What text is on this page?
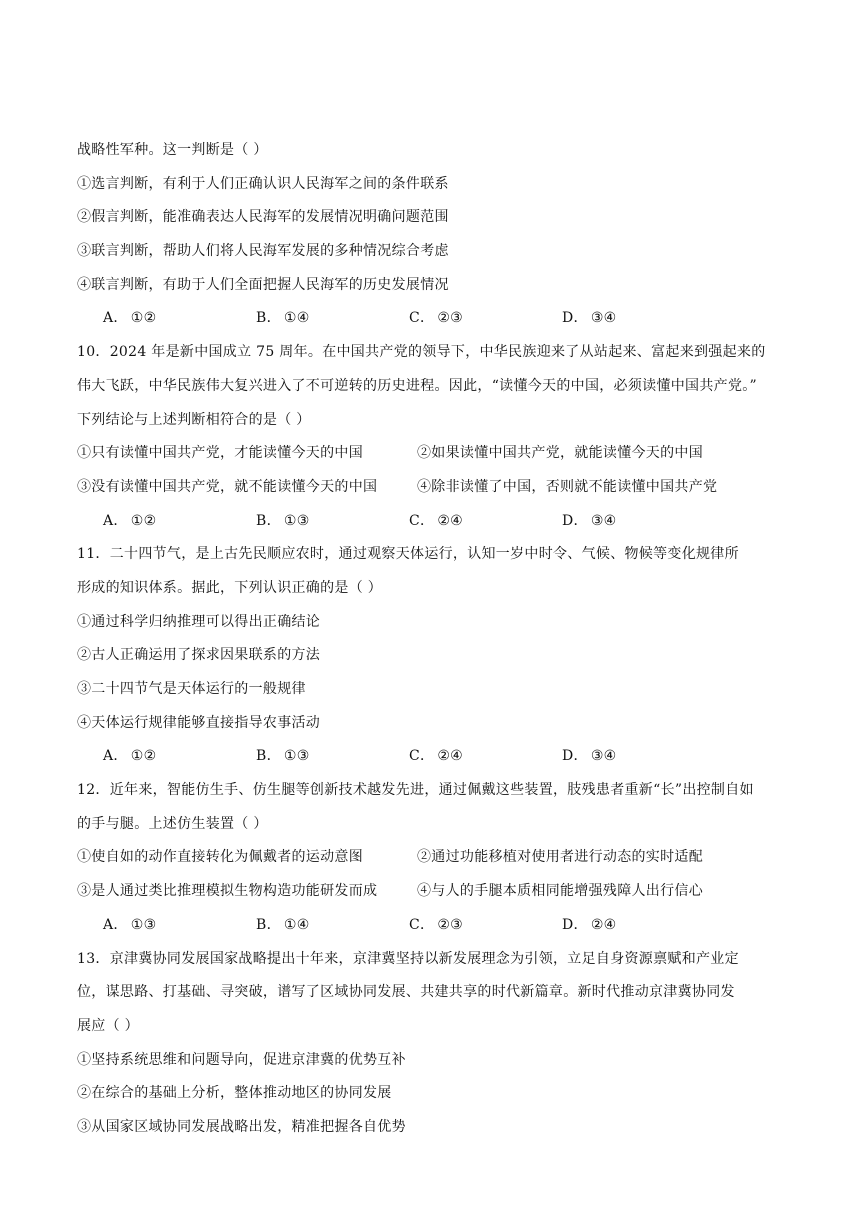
战略性军种。这一判断是（ ）
①选言判断，有利于人们正确认识人民海军之间的条件联系
②假言判断，能准确表达人民海军的发展情况明确问题范围
③联言判断，帮助人们将人民海军发展的多种情况综合考虑
④联言判断，有助于人们全面把握人民海军的历史发展情况
A． ①②	B． ①④	C． ②③	D． ③④
10．2024 年是新中国成立 75 周年。在中国共产党的领导下，中华民族迎来了从站起来、富起来到强起来的
伟大飞跃，中华民族伟大复兴进入了不可逆转的历史进程。因此，“读懂今天的中国，必须读懂中国共产党。”
下列结论与上述判断相符合的是（ ）
①只有读懂中国共产党，才能读懂今天的中国	②如果读懂中国共产党，就能读懂今天的中国
③没有读懂中国共产党，就不能读懂今天的中国	④除非读懂了中国，否则就不能读懂中国共产党
A． ①②	B． ①③	C． ②④	D． ③④
11．二十四节气，是上古先民顺应农时，通过观察天体运行，认知一岁中时令、气候、物候等变化规律所
形成的知识体系。据此，下列认识正确的是（ ）
①通过科学归纳推理可以得出正确结论
②古人正确运用了探求因果联系的方法
③二十四节气是天体运行的一般规律
④天体运行规律能够直接指导农事活动
A． ①②	B． ①③	C． ②④	D． ③④
12．近年来，智能仿生手、仿生腿等创新技术越发先进，通过佩戴这些装置，肢残患者重新“长”出控制自如
的手与腿。上述仿生装置（ ）
①使自如的动作直接转化为佩戴者的运动意图	②通过功能移植对使用者进行动态的实时适配
③是人通过类比推理模拟生物构造功能研发而成	④与人的手腿本质相同能增强残障人出行信心
A． ①③	B． ①④	C． ②③	D． ②④
13．京津冀协同发展国家战略提出十年来，京津冀坚持以新发展理念为引领，立足自身资源禀赋和产业定
位，谋思路、打基础、寻突破，谱写了区域协同发展、共建共享的时代新篇章。新时代推动京津冀协同发
展应（ ）
①坚持系统思维和问题导向，促进京津冀的优势互补
②在综合的基础上分析，整体推动地区的协同发展
③从国家区域协同发展战略出发，精准把握各自优势
